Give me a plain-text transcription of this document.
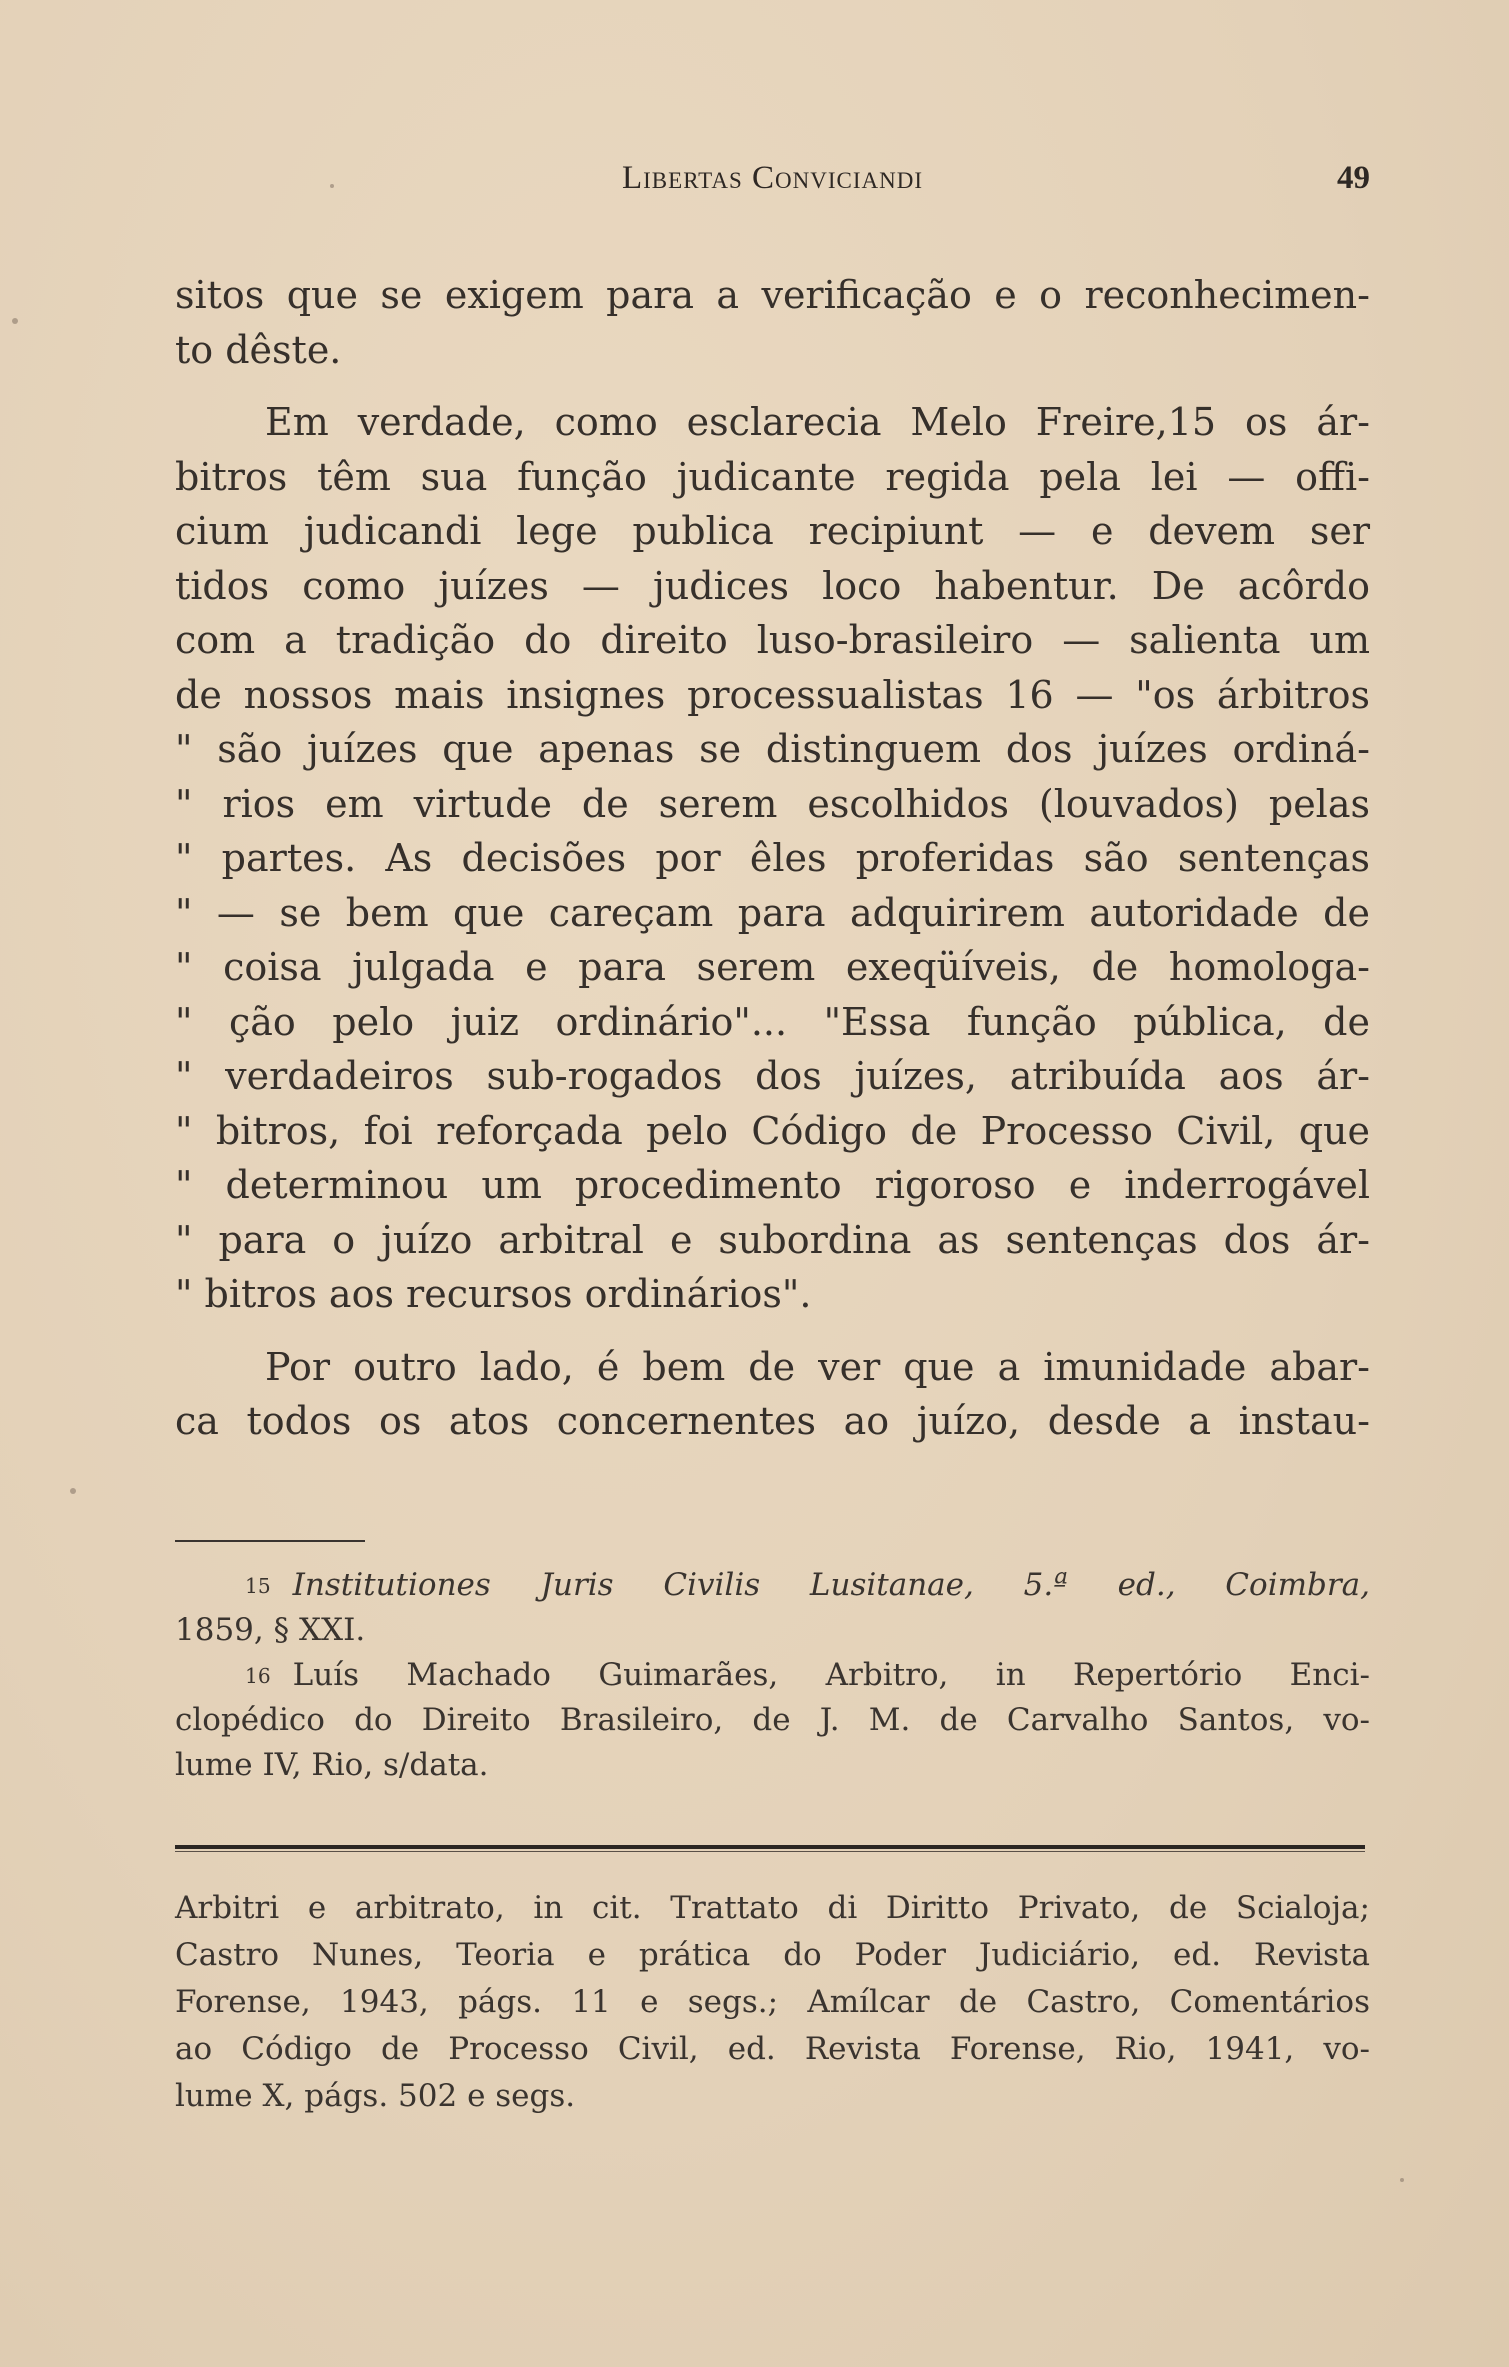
Libertas Conviciandi	49
sitos que se exigem para a verificação e o reconhecimen-
to dêste.
Em verdade, como esclarecia Melo Freire,15 os ár-
bitros têm sua função judicante regida pela lei — offi-
cium judicandi lege publica recipiunt — e devem ser
tidos como juízes — judices loco habentur. De acôrdo
com a tradição do direito luso-brasileiro — salienta um
de nossos mais insignes processualistas 16 — "os árbitros
" são juízes que apenas se distinguem dos juízes ordiná-
" rios em virtude de serem escolhidos (louvados) pelas
" partes. As decisões por êles proferidas são sentenças
" — se bem que careçam para adquirirem autoridade de
" coisa julgada e para serem exeqüíveis, de homologa-
" ção pelo juiz ordinário"... "Essa função pública, de
" verdadeiros sub-rogados dos juízes, atribuída aos ár-
" bitros, foi reforçada pelo Código de Processo Civil, que
" determinou um procedimento rigoroso e inderrogável
" para o juízo arbitral e subordina as sentenças dos ár-
" bitros aos recursos ordinários".
Por outro lado, é bem de ver que a imunidade abar-
ca todos os atos concernentes ao juízo, desde a instau-
15 Institutiones Juris Civilis Lusitanae, 5.ª ed., Coimbra,
1859, § XXI.
16 Luís Machado Guimarães, Arbitro, in Repertório Enci-
clopédico do Direito Brasileiro, de J. M. de Carvalho Santos, vo-
lume IV, Rio, s/data.
Arbitri e arbitrato, in cit. Trattato di Diritto Privato, de Scialoja;
Castro Nunes, Teoria e prática do Poder Judiciário, ed. Revista
Forense, 1943, págs. 11 e segs.; Amílcar de Castro, Comentários
ao Código de Processo Civil, ed. Revista Forense, Rio, 1941, vo-
lume X, págs. 502 e segs.
